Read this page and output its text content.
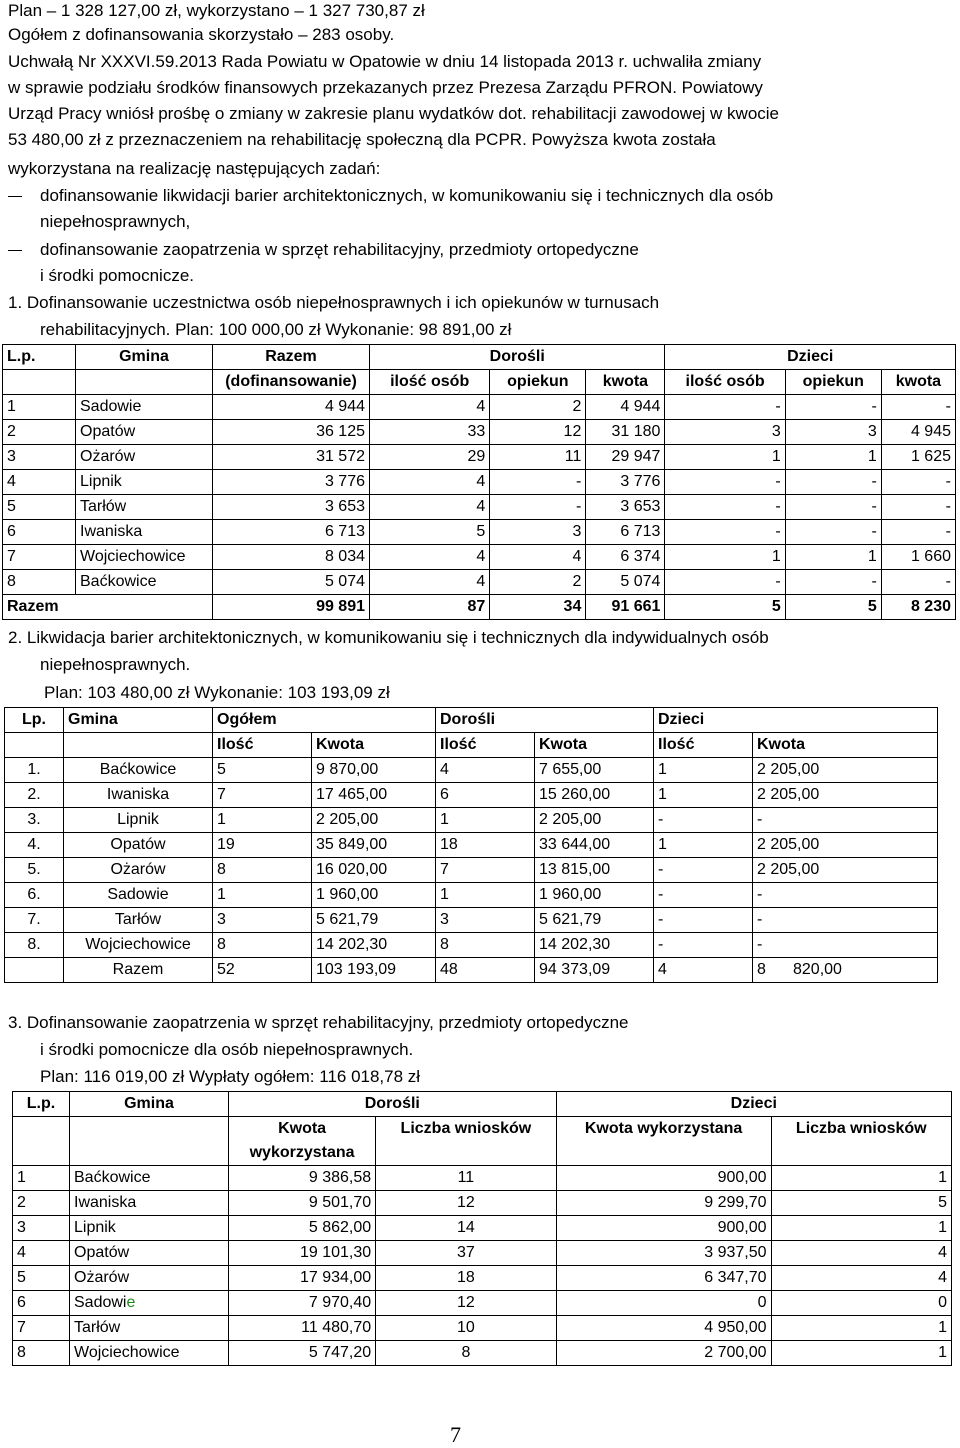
Plan – 1 328 127,00 zł, wykorzystano – 1 327 730,87 zł
Ogółem z dofinansowania skorzystało – 283 osoby.
Uchwałą Nr XXXVI.59.2013 Rada Powiatu w Opatowie w dniu 14 listopada 2013 r. uchwaliła zmiany
w sprawie podziału środków finansowych przekazanych przez Prezesa Zarządu PFRON. Powiatowy
Urząd Pracy wniósł prośbę o zmiany w zakresie planu wydatków dot. rehabilitacji zawodowej w kwocie
53 480,00 zł z przeznaczeniem na rehabilitację społeczną dla PCPR. Powyższa kwota została
wykorzystana na realizację następujących zadań:
dofinansowanie likwidacji barier architektonicznych, w komunikowaniu się i technicznych dla osób
niepełnosprawnych,
dofinansowanie zaopatrzenia w sprzęt rehabilitacyjny, przedmioty ortopedyczne
i środki pomocnicze.
1. Dofinansowanie uczestnictwa osób niepełnosprawnych i ich opiekunów w turnusach
rehabilitacyjnych. Plan: 100 000,00 zł Wykonanie: 98 891,00 zł
L.p.	Gmina	Razem	Dorośli			Dzieci		
		(dofinansowanie)	ilość osób	opiekun	kwota	ilość osób	opiekun	kwota
1	Sadowie	4 944	4	2	4 944	-	-	-
2	Opatów	36 125	33	12	31 180	3	3	4 945
3	Ożarów	31 572	29	11	29 947	1	1	1 625
4	Lipnik	3 776	4	-	3 776	-	-	-
5	Tarłów	3 653	4	-	3 653	-	-	-
6	Iwaniska	6 713	5	3	6 713	-	-	-
7	Wojciechowice	8 034	4	4	6 374	1	1	1 660
8	Baćkowice	5 074	4	2	5 074	-	-	-
Razem		99 891	87	34	91 661	5	5	8 230
2. Likwidacja barier architektonicznych, w komunikowaniu się i technicznych dla indywidualnych osób
niepełnosprawnych.
Plan: 103 480,00 zł Wykonanie: 103 193,09 zł
Lp.	Gmina	Ogółem		Dorośli		Dzieci	
		Ilość	Kwota	Ilość	Kwota	Ilość	Kwota
1.	Baćkowice	5	9 870,00	4	7 655,00	1	2 205,00
2.	Iwaniska	7	17 465,00	6	15 260,00	1	2 205,00
3.	Lipnik	1	2 205,00	1	2 205,00	-	-
4.	Opatów	19	35 849,00	18	33 644,00	1	2 205,00
5.	Ożarów	8	16 020,00	7	13 815,00	-	2 205,00
6.	Sadowie	1	1 960,00	1	1 960,00	-	-
7.	Tarłów	3	5 621,79	3	5 621,79	-	-
8.	Wojciechowice	8	14 202,30	8	14 202,30	-	-
	Razem	52	103 193,09	48	94 373,09	4	8 820,00
3. Dofinansowanie zaopatrzenia w sprzęt rehabilitacyjny, przedmioty ortopedyczne
i środki pomocnicze dla osób niepełnosprawnych.
Plan: 116 019,00 zł Wypłaty ogółem: 116 018,78 zł
L.p.	Gmina	Dorośli		Dzieci	
		Kwota
wykorzystana	Liczba wniosków	Kwota wykorzystana	Liczba wniosków
1	Baćkowice	9 386,58	11	900,00	1
2	Iwaniska	9 501,70	12	9 299,70	5
3	Lipnik	5 862,00	14	900,00	1
4	Opatów	19 101,30	37	3 937,50	4
5	Ożarów	17 934,00	18	6 347,70	4
6	Sadowie	7 970,40	12	0	0
7	Tarłów	11 480,70	10	4 950,00	1
8	Wojciechowice	5 747,20	8	2 700,00	1
7
